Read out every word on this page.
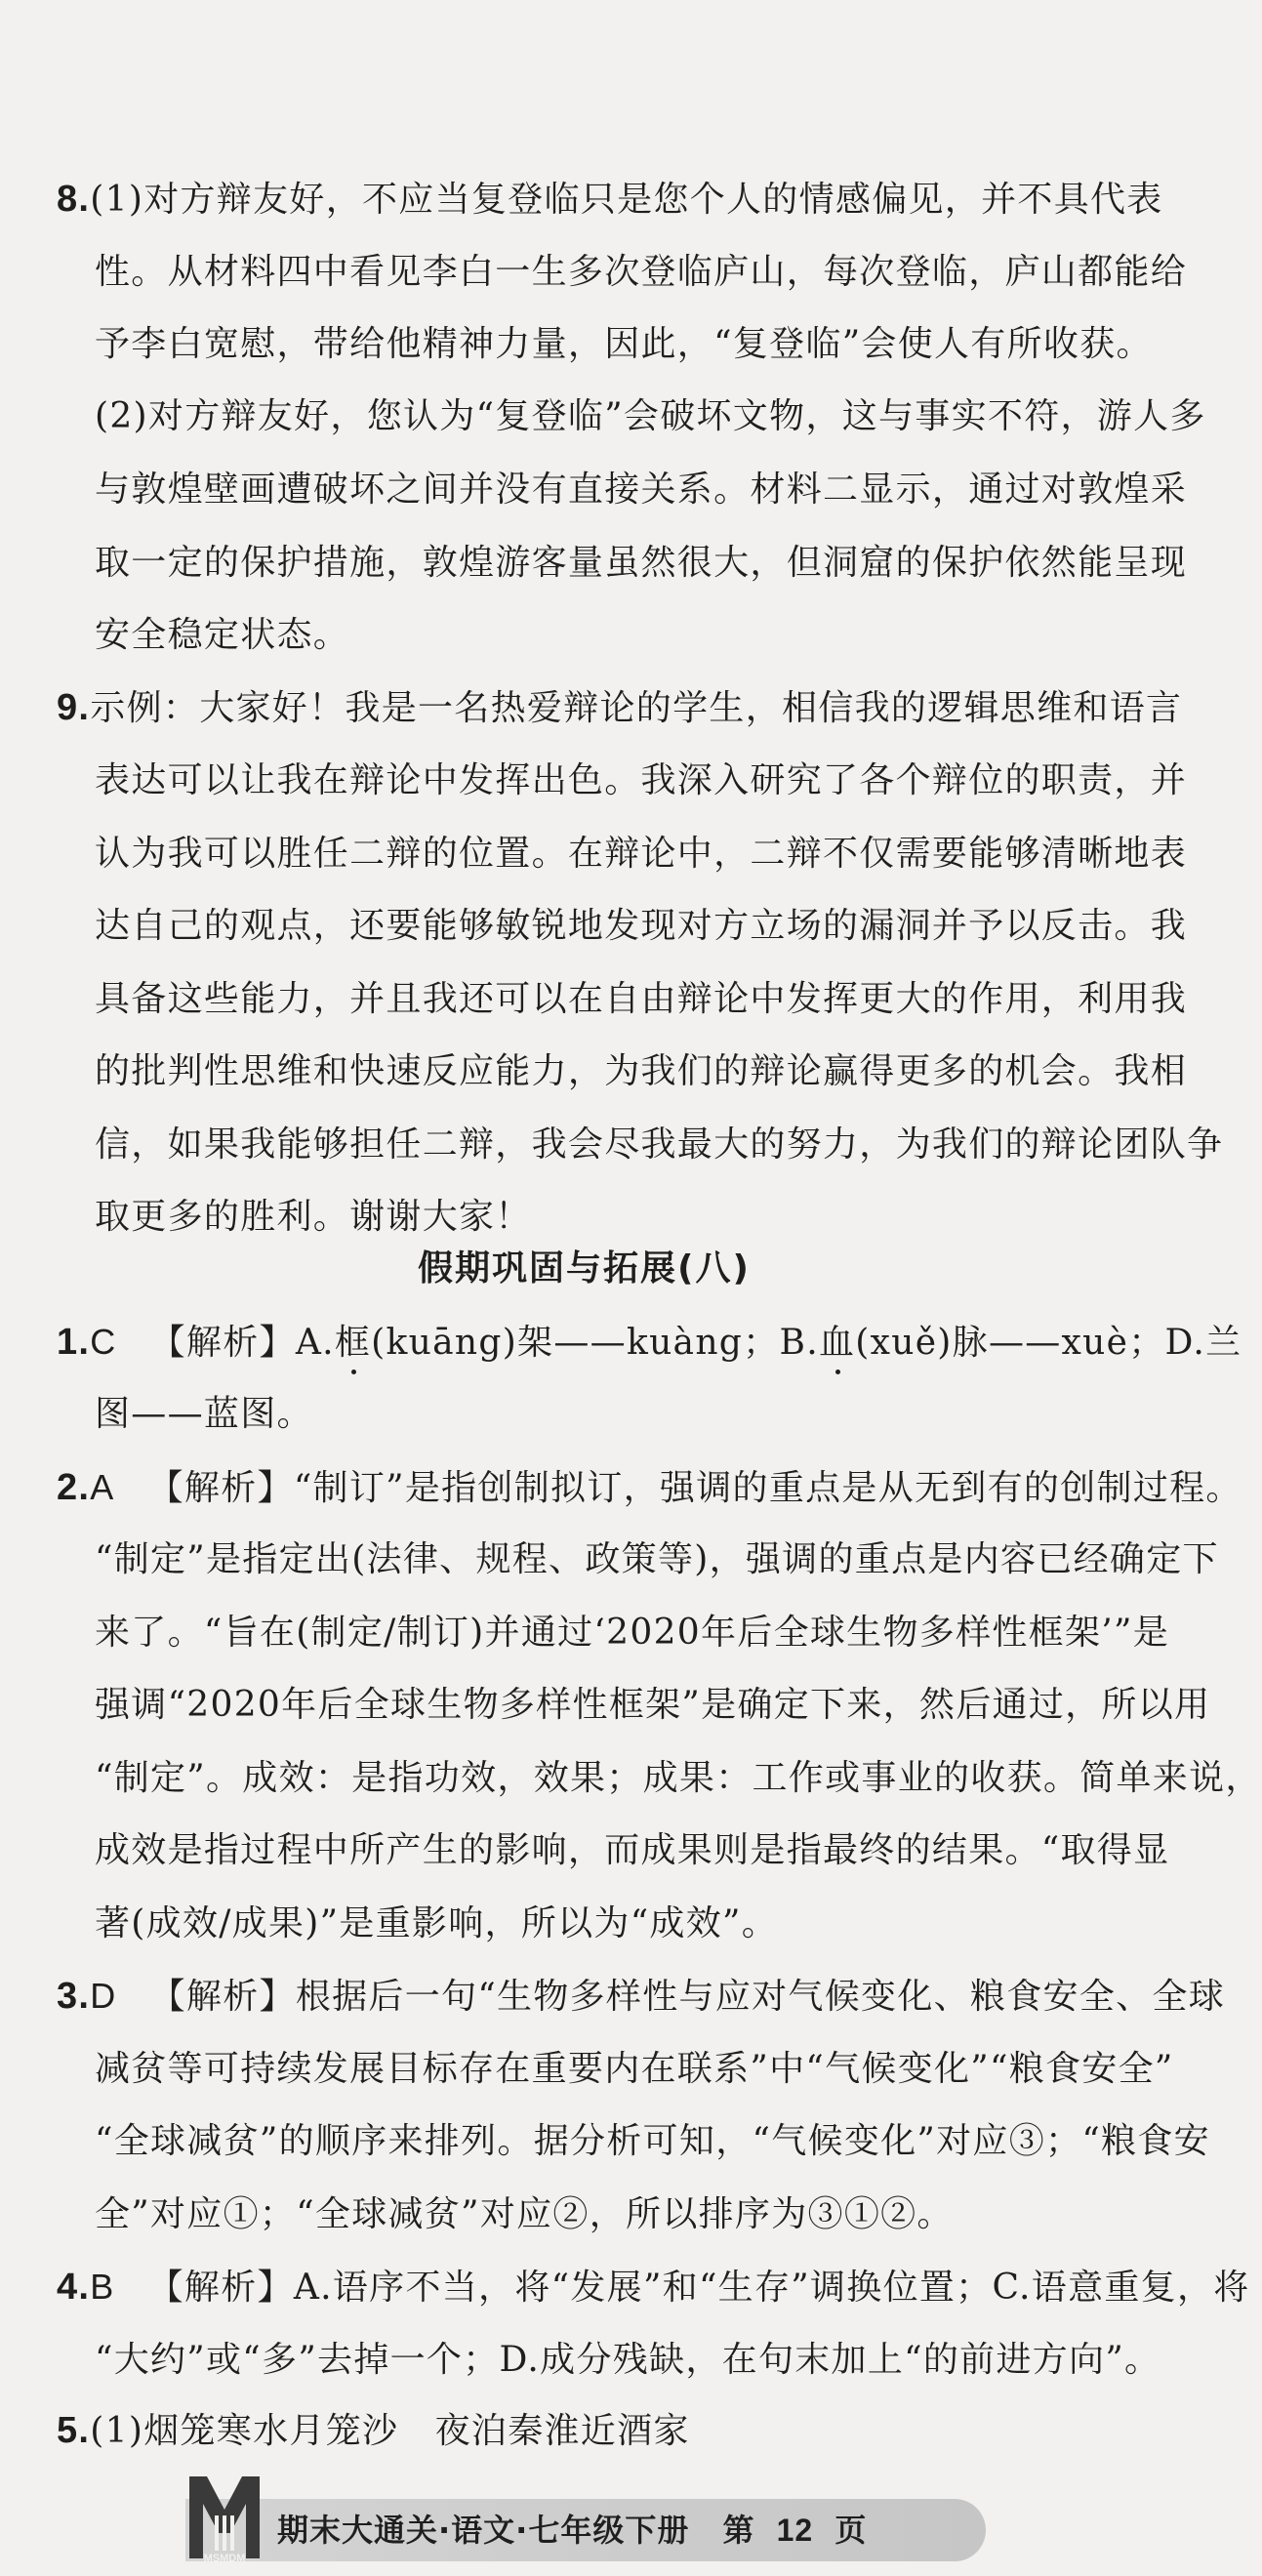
8.(1)对方辩友好，不应当复登临只是您个人的情感偏见，并不具代表
性。从材料四中看见李白一生多次登临庐山，每次登临，庐山都能给
予李白宽慰，带给他精神力量，因此，“复登临”会使人有所收获。
(2)对方辩友好，您认为“复登临”会破坏文物，这与事实不符，游人多
与敦煌壁画遭破坏之间并没有直接关系。材料二显示，通过对敦煌采
取一定的保护措施，敦煌游客量虽然很大，但洞窟的保护依然能呈现
安全稳定状态。
9.示例：大家好！我是一名热爱辩论的学生，相信我的逻辑思维和语言
表达可以让我在辩论中发挥出色。我深入研究了各个辩位的职责，并
认为我可以胜任二辩的位置。在辩论中，二辩不仅需要能够清晰地表
达自己的观点，还要能够敏锐地发现对方立场的漏洞并予以反击。我
具备这些能力，并且我还可以在自由辩论中发挥更大的作用，利用我
的批判性思维和快速反应能力，为我们的辩论赢得更多的机会。我相
信，如果我能够担任二辩，我会尽我最大的努力，为我们的辩论团队争
取更多的胜利。谢谢大家！
假期巩固与拓展(八)
1.C 【解析】A.框(kuāng)架——kuàng；B.血(xuě)脉——xuè；D.兰
图——蓝图。
2.A 【解析】“制订”是指创制拟订，强调的重点是从无到有的创制过程。
“制定”是指定出(法律、规程、政策等)，强调的重点是内容已经确定下
来了。“旨在(制定/制订)并通过‘2020年后全球生物多样性框架’”是
强调“2020年后全球生物多样性框架”是确定下来，然后通过，所以用
“制定”。成效：是指功效，效果；成果：工作或事业的收获。简单来说，
成效是指过程中所产生的影响，而成果则是指最终的结果。“取得显
著(成效/成果)”是重影响，所以为“成效”。
3.D 【解析】根据后一句“生物多样性与应对气候变化、粮食安全、全球
减贫等可持续发展目标存在重要内在联系”中“气候变化”“粮食安全”
“全球减贫”的顺序来排列。据分析可知，“气候变化”对应③；“粮食安
全”对应①；“全球减贫”对应②，所以排序为③①②。
4.B 【解析】A.语序不当，将“发展”和“生存”调换位置；C.语意重复，将
“大约”或“多”去掉一个；D.成分残缺，在句末加上“的前进方向”。
5.(1)烟笼寒水月笼沙　夜泊秦淮近酒家
MSMDM
期末大通关·语文·七年级下册 第 12 页
